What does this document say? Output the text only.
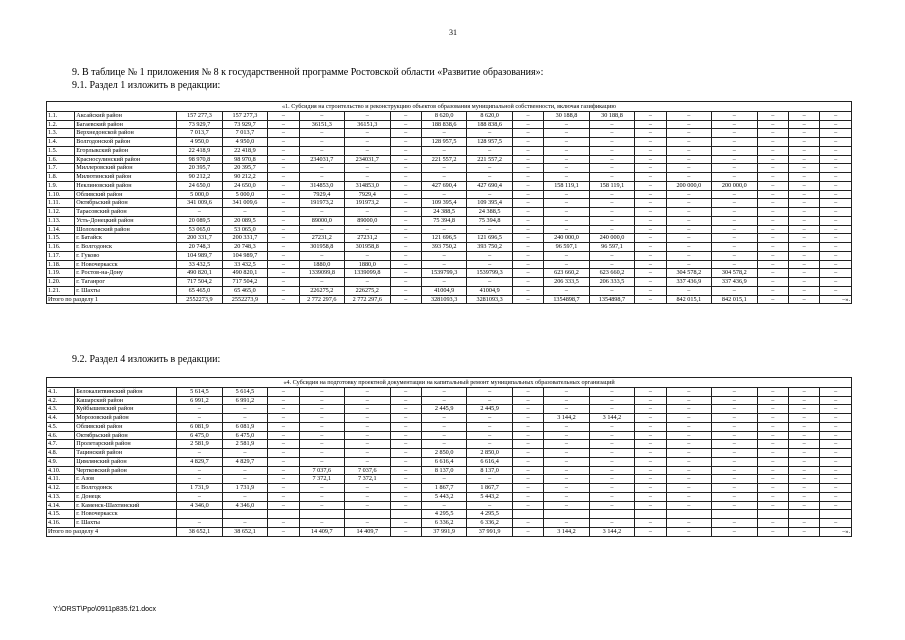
31
9. В таблице № 1 приложения № 8 к государственной программе Ростовской области «Развитие образования»:
9.1. Раздел 1 изложить в редакции:
«1. Субсидия на строительство и реконструкцию объектов образования муниципальной собственности, включая газификацию																		
1.1.	Аксайский район	157 277,3	157 277,3	–	–	–	–	8 620,0	8 620,0	–	30 188,8	30 188,8	–	–	–	–	–	–
1.2.	Багаевский район	73 929,7	73 929,7	–	36151,3	36151,3	–	188 838,6	188 838,6	–	–	–	–	–	–	–	–	–
1.3.	Верхнедонской район	7 013,7	7 013,7	–	–	–	–	–	–	–	–	–	–	–	–	–	–	–
1.4.	Волгодонской район	4 950,0	4 950,0	–	–	–	–	128 957,5	128 957,5	–	–	–	–	–	–	–	–	–
1.5.	Егорлыкский район	22 418,9	22 418,9	–	–	–	–	–	–	–	–	–	–	–	–	–	–	–
1.6.	Красносулинский район	98 970,8	98 970,8	–	234031,7	234031,7	–	221 557,2	221 557,2	–	–	–	–	–	–	–	–	–
1.7.	Миллеровский район	20 395,7	20 395,7	–	–	–	–	–	–	–	–	–	–	–	–	–	–	–
1.8.	Милютинский район	90 212,2	90 212,2	–	–	–	–	–	–	–	–	–	–	–	–	–	–	–
1.9.	Неклиновский район	24 650,0	24 650,0	–	314853,0	314853,0	–	427 690,4	427 690,4	–	158 119,1	158 119,1	–	200 000,0	200 000,0	–	–	–
1.10.	Обливский район	5 000,0	5 000,0	–	7929,4	7929,4	–	–	–	–	–	–	–	–	–	–	–	–
1.11.	Октябрьский район	341 009,6	341 009,6	–	191973,2	191973,2	–	109 395,4	109 395,4	–	–	–	–	–	–	–	–	–
1.12.	Тарасовский район	–	–	–	–	–	–	24 388,5	24 388,5	–	–	–	–	–	–	–	–	–
1.13.	Усть-Донецкий район	20 089,5	20 089,5	–	89000,0	89000,0	–	75 394,8	75 394,8	–	–	–	–	–	–	–	–	–
1.14.	Шолоховский район	53 065,0	53 065,0	–	–	–	–	–	–	–	–	–	–	–	–	–	–	–
1.15.	г. Батайск	200 331,7	200 331,7	–	27231,2	27231,2	–	121 696,5	121 696,5	–	240 000,0	240 000,0	–	–	–	–	–	–
1.16.	г. Волгодонск	20 748,3	20 748,3	–	301958,8	301958,8	–	393 750,2	393 750,2	–	96 597,1	96 597,1	–	–	–	–	–	–
1.17.	г. Гуково	104 989,7	104 989,7	–	–	–	–	–	–	–	–	–	–	–	–	–	–	–
1.18.	г. Новочеркасск	33 432,5	33 432,5	–	1880,0	1880,0	–	–	–	–	–	–	–	–	–	–	–	–
1.19.	г. Ростов-на-Дону	490 820,1	490 820,1	–	1339099,8	1339099,8	–	1539799,3	1539799,3	–	623 660,2	623 660,2	–	304 578,2	304 578,2	–	–	–
1.20.	г. Таганрог	717 504,2	717 504,2	–	–	–	–	–	–	–	206 333,5	206 333,5	–	337 436,9	337 436,9	–	–	–
1.21.	г. Шахты	65 465,0	65 465,0	–	226275,2	226275,2	–	41004,9	41004,9	–	–	–	–	–	–	–	–	–
Итого по разделу 1		2552273,9	2552273,9	–	2 772 297,6	2 772 297,6	–	3281093,3	3281093,3	–	1354898,7	1354898,7	–	842 015,1	842 015,1	–	–	–».
9.2. Раздел 4 изложить в редакции:
«4. Субсидия на подготовку проектной документации на капитальный ремонт муниципальных образовательных организаций																		
4.1.	Белокалитвинский район	5 614,5	5 614,5	–	–	–	–	–	–	–	–	–	–	–	–	–	–	–
4.2.	Кашарский район	6 991,2	6 991,2	–	–	–	–	–	–	–	–	–	–	–	–	–	–	–
4.3.	Куйбышевский район	–	–	–	–	–	–	2 445,9	2 445,9	–	–	–	–	–	–	–	–	–
4.4.	Морозовский район	–	–	–	–	–	–	–	–	–	3 144,2	3 144,2	–	–	–	–	–	–
4.5.	Обливский район	6 081,9	6 081,9	–	–	–	–	–	–	–	–	–	–	–	–	–	–	–
4.6.	Октябрьский район	6 475,0	6 475,0	–	–	–	–	–	–	–	–	–	–	–	–	–	–	–
4.7.	Пролетарский район	2 581,9	2 581,9	–	–	–	–	–	–	–	–	–	–	–	–	–	–	–
4.8.	Тацинский район	–	–	–	–	–	–	2 850,0	2 850,0	–	–	–	–	–	–	–	–	–
4.9.	Цимлянский район	4 829,7	4 829,7	–	–	–	–	6 616,4	6 616,4	–	–	–	–	–	–	–	–	–
4.10.	Чертковский район	–	–	–	7 037,6	7 037,6	–	8 137,0	8 137,0	–	–	–	–	–	–	–	–	–
4.11.	г. Азов	–	–	–	7 372,1	7 372,1	–	–	–	–	–	–	–	–	–	–	–	–
4.12.	г. Волгодонск	1 731,9	1 731,9	–	–	–	–	1 867,7	1 867,7	–	–	–	–	–	–	–	–	–
4.13.	г. Донецк	–	–	–	–	–	–	5 443,2	5 443,2	–	–	–	–	–	–	–	–	–
4.14.	г. Каменск-Шахтинский	4 346,0	4 346,0	–	–	–	–	–	–	–	–	–	–	–	–	–	–	–
4.15.	г. Новочеркасск							4 295,5	4 295,5									
4.16.	г. Шахты	–	–	–	–	–	–	6 336,2	6 336,2	–	–	–	–	–	–	–	–	–
Итого по разделу 4		38 652,1	38 652,1	–	14 409,7	14 409,7	–	37 991,9	37 991,9	–	3 144,2	3 144,2	–	–	–	–	–	–».
Y:\ORST\Ppo\0911p835.f21.docx
